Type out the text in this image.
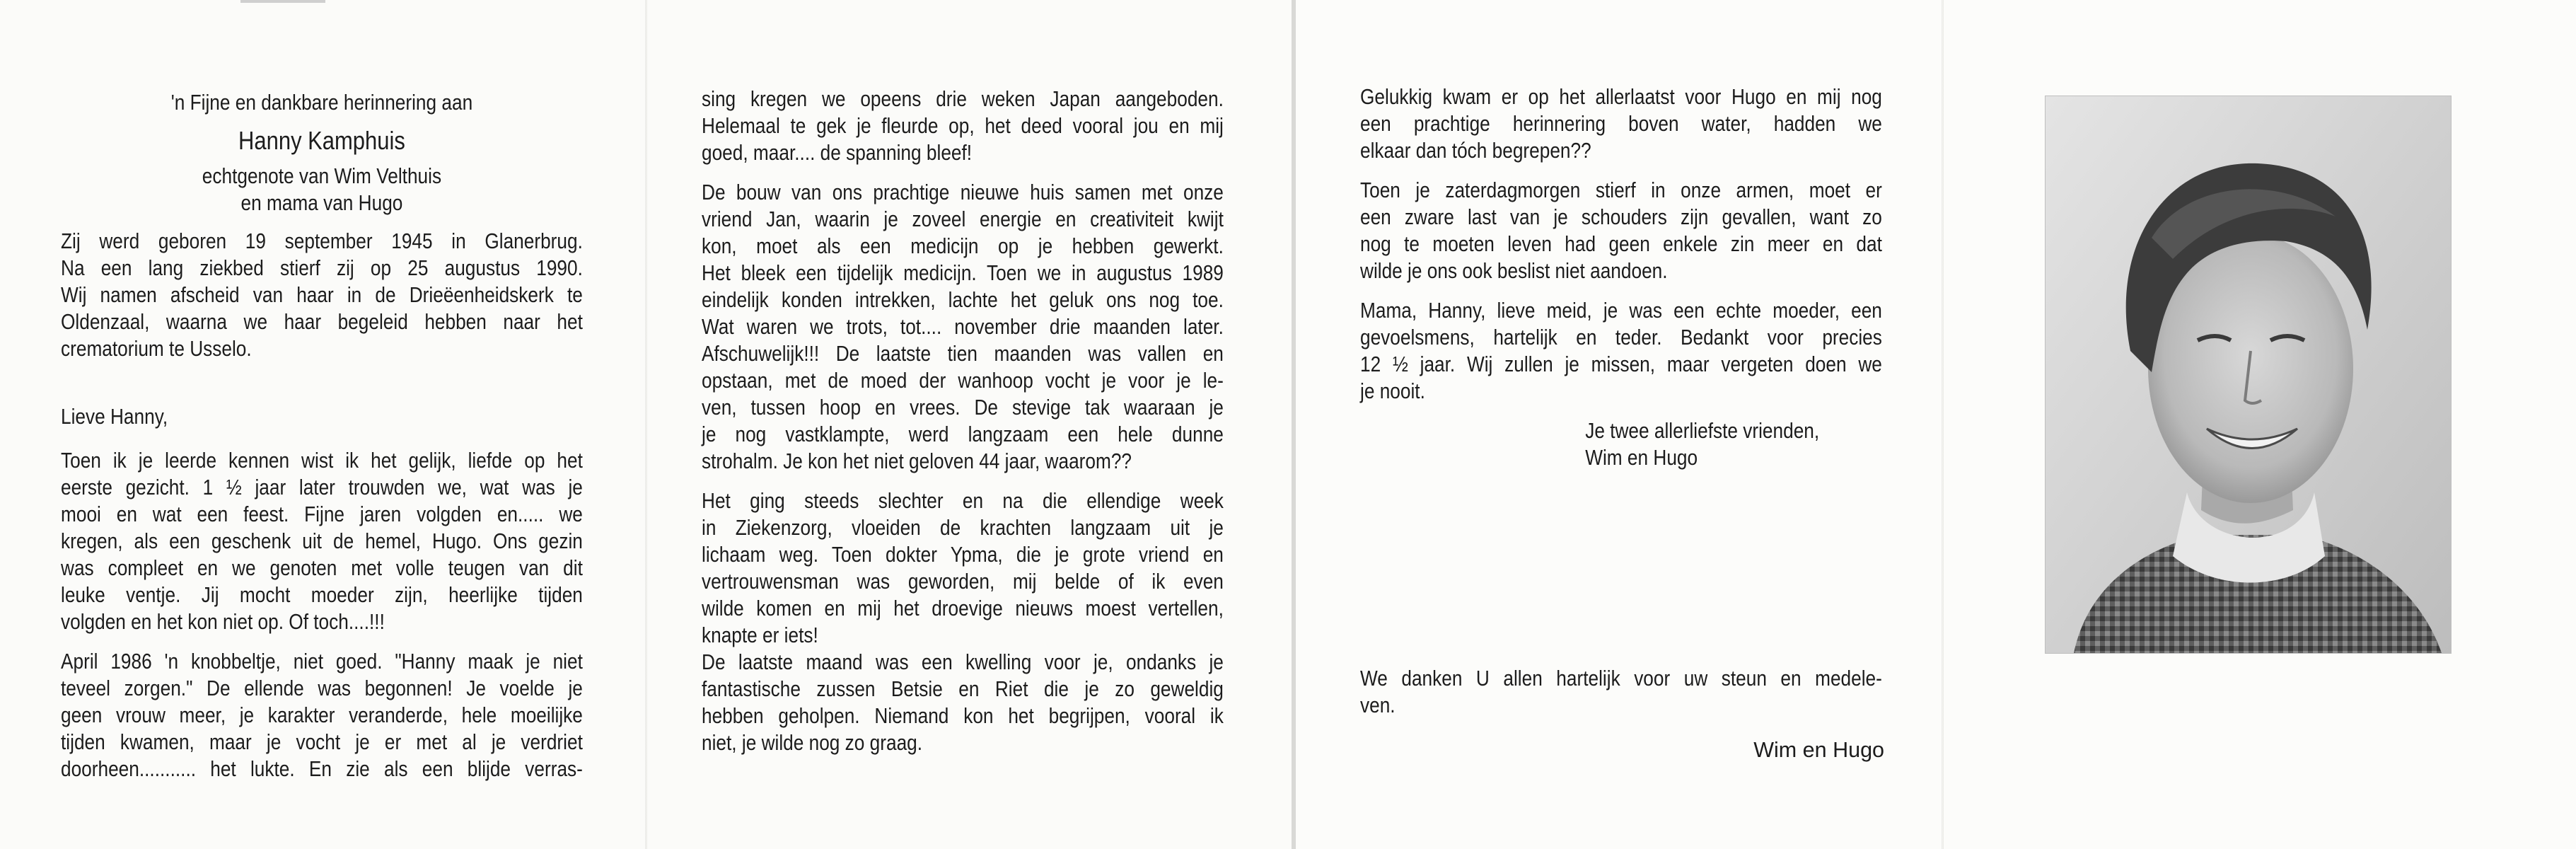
'n Fijne en dankbare herinnering aan

Hanny Kamphuis

echtgenote van Wim Velthuis

en mama van Hugo

Zij werd geboren 19 september 1945 in Glanerbrug.
Na een lang ziekbed stierf zij op 25 augustus 1990.
Wij namen afscheid van haar in de Drieëenheidskerk te
Oldenzaal, waarna we haar begeleid hebben naar het
crematorium te Usselo.

Lieve Hanny,

Toen ik je leerde kennen wist ik het gelijk, liefde op het
eerste gezicht. 1 ½ jaar later trouwden we, wat was je
mooi en wat een feest. Fijne jaren volgden en..... we
kregen, als een geschenk uit de hemel, Hugo. Ons gezin
was compleet en we genoten met volle teugen van dit
leuke ventje. Jij mocht moeder zijn, heerlijke tijden
volgden en het kon niet op. Of toch....!!!

April 1986 'n knobbeltje, niet goed. "Hanny maak je niet
teveel zorgen." De ellende was begonnen! Je voelde je
geen vrouw meer, je karakter veranderde, hele moeilijke
tijden kwamen, maar je vocht je er met al je verdriet
doorheen........... het lukte. En zie als een blijde verras-

sing kregen we opeens drie weken Japan aangeboden.
Helemaal te gek je fleurde op, het deed vooral jou en mij
goed, maar.... de spanning bleef!

De bouw van ons prachtige nieuwe huis samen met onze
vriend Jan, waarin je zoveel energie en creativiteit kwijt
kon, moet als een medicijn op je hebben gewerkt.
Het bleek een tijdelijk medicijn. Toen we in augustus 1989
eindelijk konden intrekken, lachte het geluk ons nog toe.
Wat waren we trots, tot.... november drie maanden later.
Afschuwelijk!!! De laatste tien maanden was vallen en
opstaan, met de moed der wanhoop vocht je voor je le-
ven, tussen hoop en vrees. De stevige tak waaraan je
je nog vastklampte, werd langzaam een hele dunne
strohalm. Je kon het niet geloven 44 jaar, waarom??

Het ging steeds slechter en na die ellendige week
in Ziekenzorg, vloeiden de krachten langzaam uit je
lichaam weg. Toen dokter Ypma, die je grote vriend en
vertrouwensman was geworden, mij belde of ik even
wilde komen en mij het droevige nieuws moest vertellen,
knapte er iets!

De laatste maand was een kwelling voor je, ondanks je
fantastische zussen Betsie en Riet die je zo geweldig
hebben geholpen. Niemand kon het begrijpen, vooral ik
niet, je wilde nog zo graag.

Gelukkig kwam er op het allerlaatst voor Hugo en mij nog
een prachtige herinnering boven water, hadden we
elkaar dan tóch begrepen??

Toen je zaterdagmorgen stierf in onze armen, moet er
een zware last van je schouders zijn gevallen, want zo
nog te moeten leven had geen enkele zin meer en dat
wilde je ons ook beslist niet aandoen.

Mama, Hanny, lieve meid, je was een echte moeder, een
gevoelsmens, hartelijk en teder. Bedankt voor precies
12 ½ jaar. Wij zullen je missen, maar vergeten doen we
je nooit.

Je twee allerliefste vrienden,
Wim en Hugo

We danken U allen hartelijk voor uw steun en medele-
ven.

Wim en Hugo
